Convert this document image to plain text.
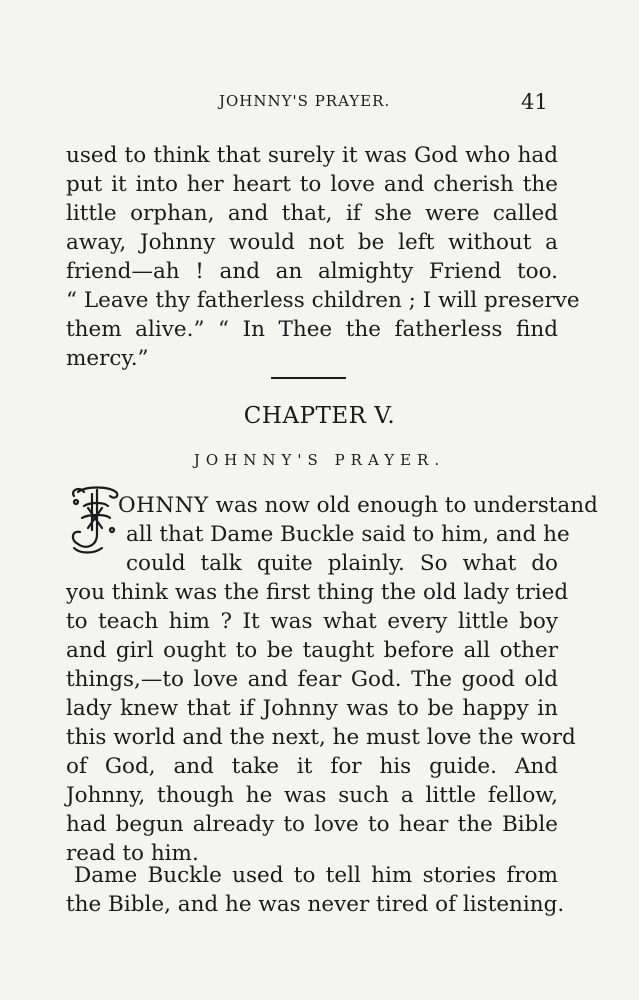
JOHNNY'S PRAYER.	41
used to think that surely it was God who had
put it into her heart to love and cherish the
little orphan, and that, if she were called
away, Johnny would not be left without a
friend—ah ! and an almighty Friend too.
“ Leave thy fatherless children ; I will preserve
them alive.” “ In Thee the fatherless find
mercy.”
CHAPTER V.
JOHNNY'S PRAYER.
OHNNY was now old enough to understand
all that Dame Buckle said to him, and he
could talk quite plainly. So what do
you think was the first thing the old lady tried
to teach him ? It was what every little boy
and girl ought to be taught before all other
things,—to love and fear God. The good old
lady knew that if Johnny was to be happy in
this world and the next, he must love the word
of God, and take it for his guide. And
Johnny, though he was such a little fellow,
had begun already to love to hear the Bible
read to him.
Dame Buckle used to tell him stories from
the Bible, and he was never tired of listening.
